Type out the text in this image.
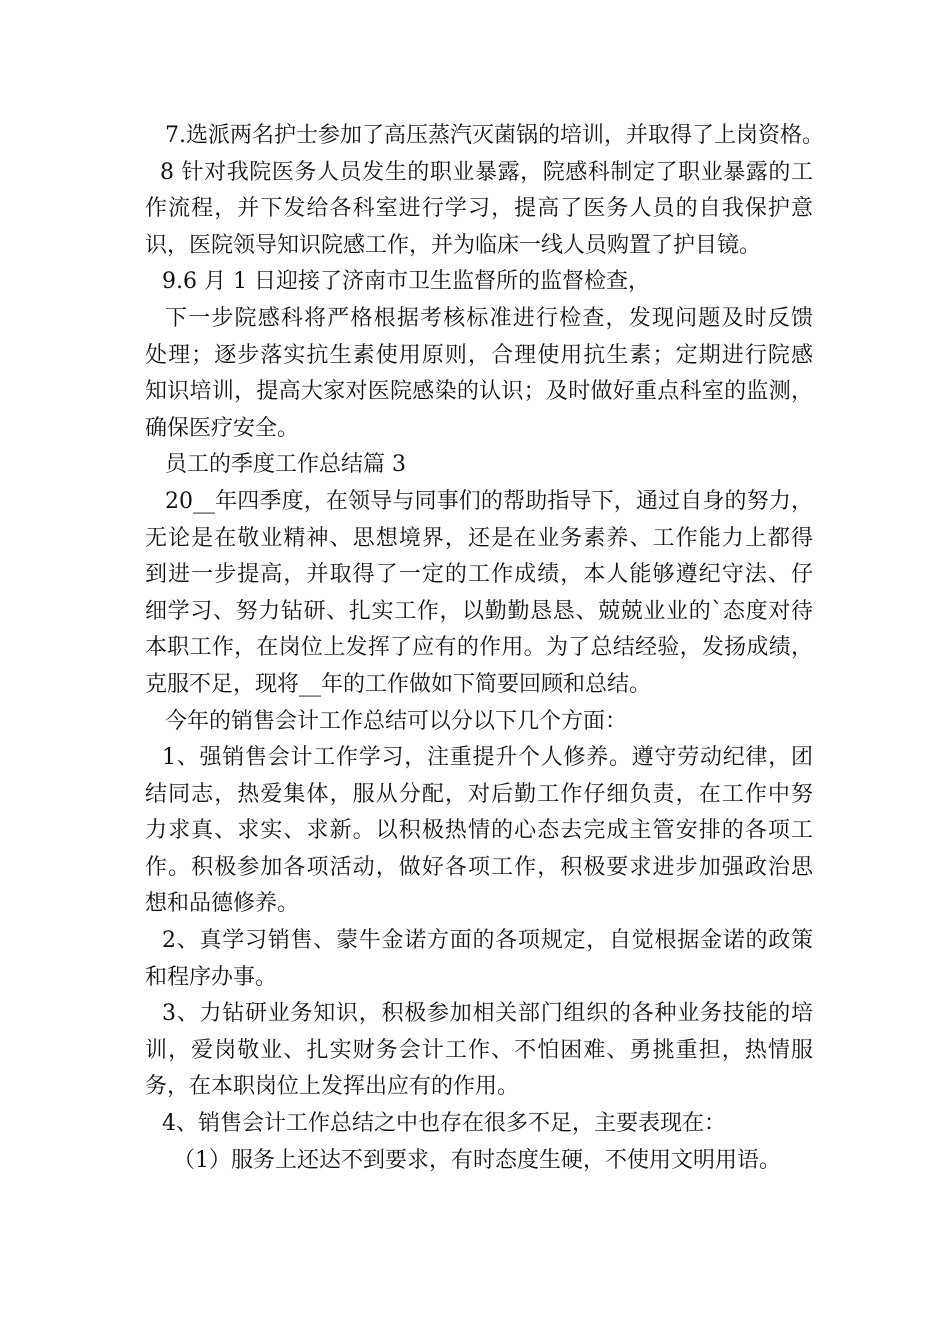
7.选派两名护士参加了高压蒸汽灭菌锅的培训，并取得了上岗资格。
8 针对我院医务人员发生的职业暴露，院感科制定了职业暴露的工
作流程，并下发给各科室进行学习，提高了医务人员的自我保护意
识，医院领导知识院感工作，并为临床一线人员购置了护目镜。
9.6 月 1 日迎接了济南市卫生监督所的监督检查，
下一步院感科将严格根据考核标准进行检查，发现问题及时反馈
处理；逐步落实抗生素使用原则，合理使用抗生素；定期进行院感
知识培训，提高大家对医院感染的认识；及时做好重点科室的监测，
确保医疗安全。
员工的季度工作总结篇 3
20__年四季度，在领导与同事们的帮助指导下，通过自身的努力，
无论是在敬业精神、思想境界，还是在业务素养、工作能力上都得
到进一步提高，并取得了一定的工作成绩，本人能够遵纪守法、仔
细学习、努力钻研、扎实工作，以勤勤恳恳、兢兢业业的`态度对待
本职工作，在岗位上发挥了应有的作用。为了总结经验，发扬成绩，
克服不足，现将__年的工作做如下简要回顾和总结。
今年的销售会计工作总结可以分以下几个方面：
1、强销售会计工作学习，注重提升个人修养。遵守劳动纪律，团
结同志，热爱集体，服从分配，对后勤工作仔细负责，在工作中努
力求真、求实、求新。以积极热情的心态去完成主管安排的各项工
作。积极参加各项活动，做好各项工作，积极要求进步加强政治思
想和品德修养。
2、真学习销售、蒙牛金诺方面的各项规定，自觉根据金诺的政策
和程序办事。
3、力钻研业务知识，积极参加相关部门组织的各种业务技能的培
训，爱岗敬业、扎实财务会计工作、不怕困难、勇挑重担，热情服
务，在本职岗位上发挥出应有的作用。
4、销售会计工作总结之中也存在很多不足，主要表现在：
（1）服务上还达不到要求，有时态度生硬，不使用文明用语。
